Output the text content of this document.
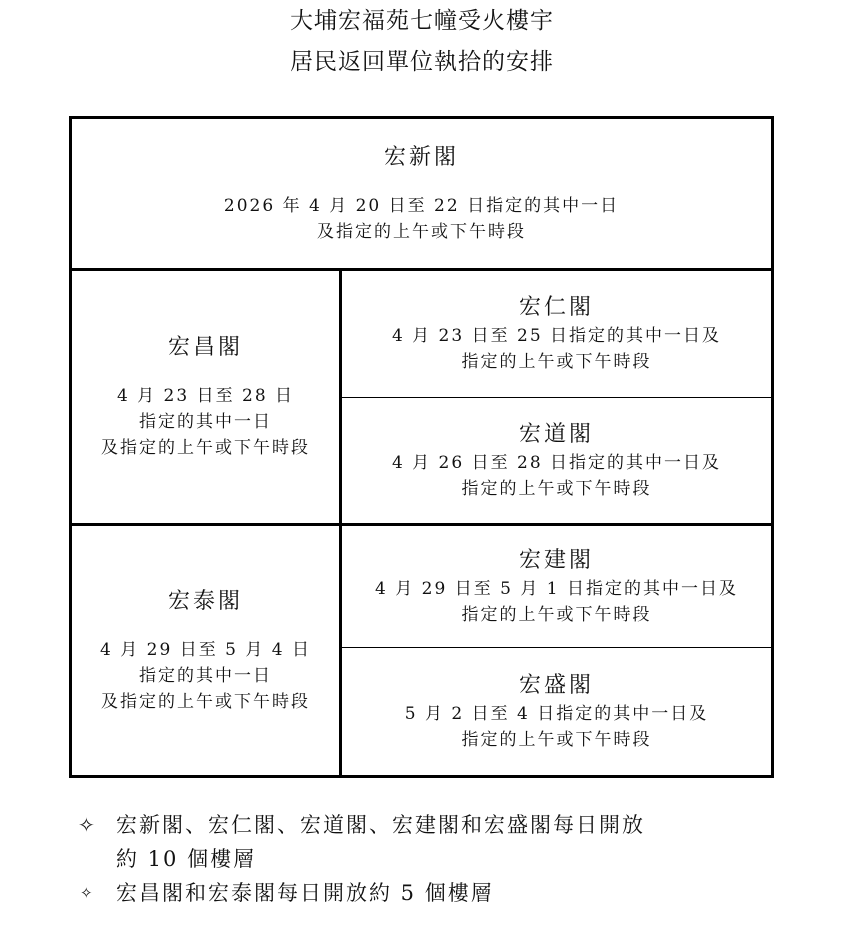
大埔宏福苑七幢受火樓宇
居民返回單位執拾的安排
宏新閣
2026 年 4 月 20 日至 22 日指定的其中一日
及指定的上午或下午時段
宏昌閣
4 月 23 日至 28 日
指定的其中一日
及指定的上午或下午時段
宏泰閣
4 月 29 日至 5 月 4 日
指定的其中一日
及指定的上午或下午時段
宏仁閣
4 月 23 日至 25 日指定的其中一日及
指定的上午或下午時段
宏道閣
4 月 26 日至 28 日指定的其中一日及
指定的上午或下午時段
宏建閣
4 月 29 日至 5 月 1 日指定的其中一日及
指定的上午或下午時段
宏盛閣
5 月 2 日至 4 日指定的其中一日及
指定的上午或下午時段
✧ 宏新閣、宏仁閣、宏道閣、宏建閣和宏盛閣每日開放
約 10 個樓層
✧ 宏昌閣和宏泰閣每日開放約 5 個樓層
